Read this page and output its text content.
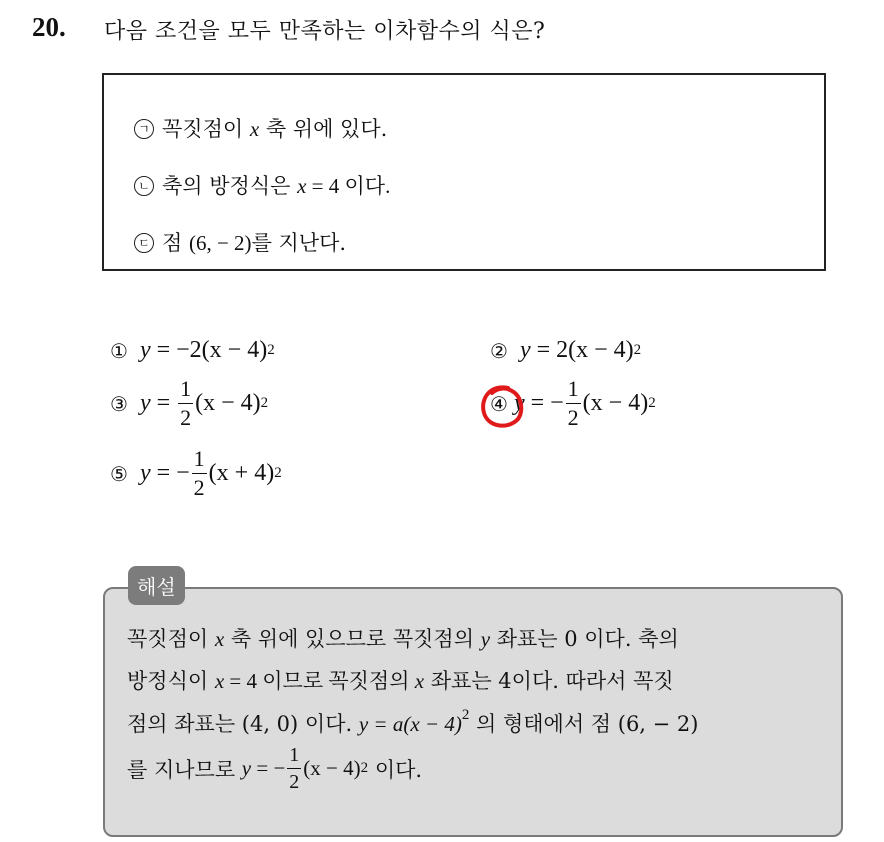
20. 다음 조건을 모두 만족하는 이차함수의 식은?
ㄱ 꼭짓점이 x 축 위에 있다.
ㄴ 축의 방정식은 x = 4 이다.
ㄷ 점 (6, − 2)를 지난다.
① y = −2(x − 4) 2	② y = 2(x − 4) 2
③ $y = \frac{1}{2} (x - 4)$ 2	④ y = − $\frac{1}{2} (x - 4)$ 2
⑤ y = − $\frac{1}{2} (x + 4)$ 2
꼭짓점이 x 축 위에 있으므로 꼭짓점의 y 좌표는 0 이다. 축의
방정식이 x = 4 이므로 꼭짓점의 x 좌표는 4이다. 따라서 꼭짓
점의 좌표는 (4, 0) 이다. $y = a(x - 4)^2$ 의 형태에서 점 (6, − 2)
를 지나므로 y = − $\frac{1}{2} (x - 4)$ 2 이다.
해설
